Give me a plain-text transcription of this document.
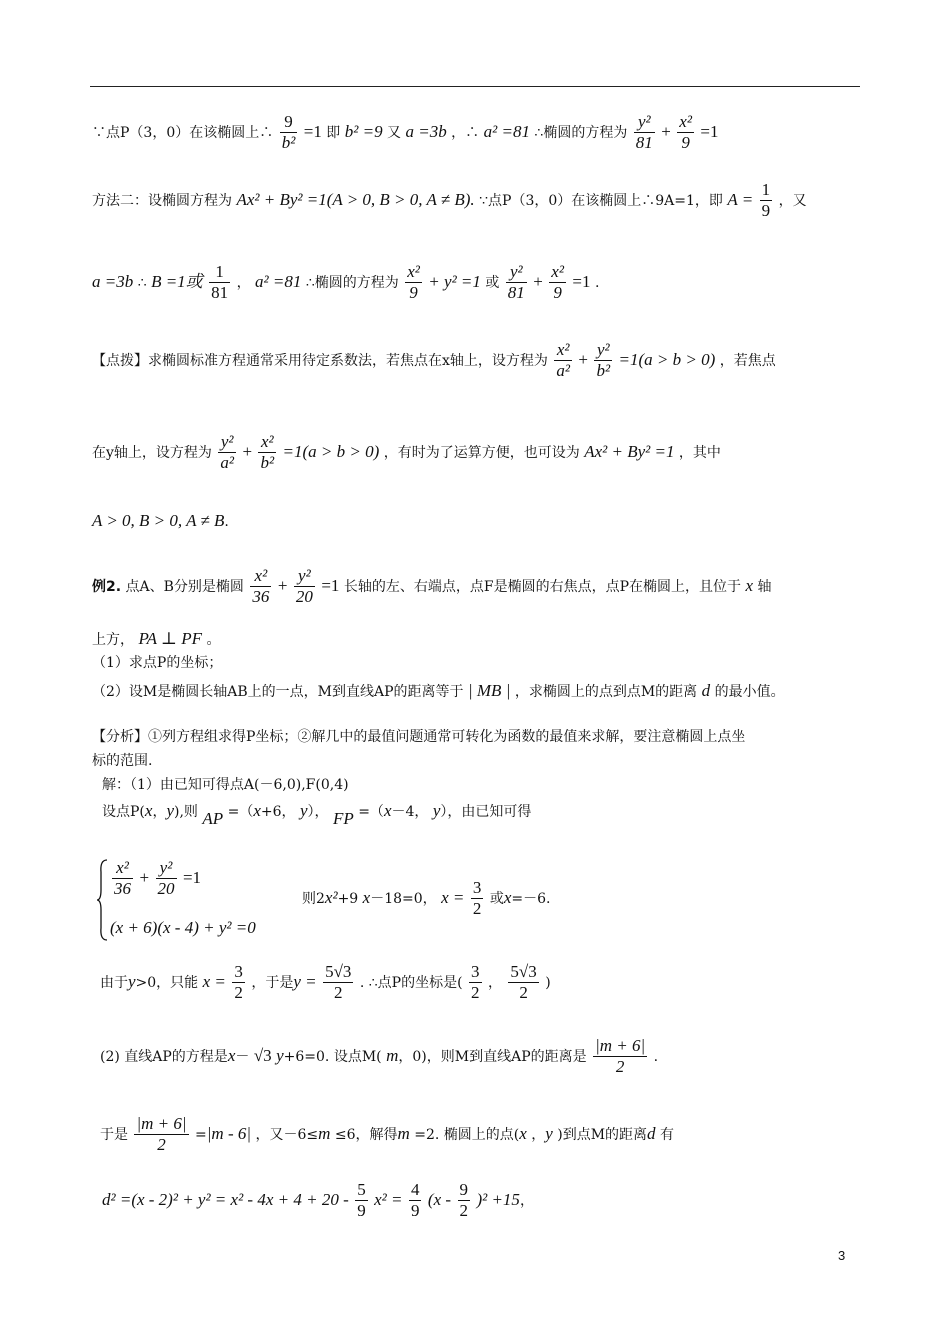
∵点P（3，0）在该椭圆上∴ $\frac{9}{\text{b²}} =1$ 即 b² =9 又 a =3b ，∴ a² =81 ∴椭圆的方程为 $\frac{\text{y²}}{81} + \frac{\text{x²}}{9} =1$
方法二：设椭圆方程为 Ax² + By² =1(A > 0, B > 0, A ≠ B). ∵点P（3，0）在该椭圆上∴9A=1，即 $A = \frac{1}{9}$ ，又
a =3b ∴ B =1或 $\frac{1}{81}$ ， a² =81 ∴椭圆的方程为 $\frac{\text{x²}}{9} + y^2 =1$ 或 $\frac{\text{y²}}{81} + \frac{\text{x²}}{9} =1$ .
【点拨】求椭圆标准方程通常采用待定系数法，若焦点在x轴上，设方程为 $\frac{\text{x²}}{\text{a²}} + \frac{\text{y²}}{\text{b²}} =1(a > b > 0)$ ，若焦点
在y轴上，设方程为 $\frac{\text{y²}}{\text{a²}} + \frac{\text{x²}}{\text{b²}} =1(a > b > 0)$ ，有时为了运算方便，也可设为 Ax² + By² =1 ，其中
A > 0, B > 0, A ≠ B.
例2. 点A、B分别是椭圆 $\frac{\text{x²}}{36} + \frac{\text{y²}}{20} =1$ 长轴的左、右端点，点F是椭圆的右焦点，点P在椭圆上，且位于 x 轴
上方， PA ⊥ PF 。
（1）求点P的坐标；
（2）设M是椭圆长轴AB上的一点，M到直线AP的距离等于 | MB | ，求椭圆上的点到点M的距离 d 的最小值。
【分析】①列方程组求得P坐标；②解几中的最值问题通常可转化为函数的最值来求解，要注意椭圆上点坐
标的范围.
解：（1）由已知可得点A(－6,0),F(0,4)
设点P(x，y),则 AP =（x+6， y）， FP =（x－4， y），由已知可得
$\frac{\text{x²}}{36} + \frac{\text{y²}}{20} =1$
(x + 6)(x - 4) + y² =0
则2x²+9 x－18=0， $x = \frac{3}{2}$ 或x=－6.
由于y>0，只能 $x = \frac{3}{2}$ ，于是$y = \frac{5√3}{2}$ . ∴点P的坐标是( $\frac{3}{2}$ ， $\frac{5√3}{2}$ )
(2) 直线AP的方程是x－ √3 y+6=0. 设点M( m，0)，则M到直线AP的距离是 $\frac{|m + 6|}{2}$ .
于是 $\frac{|m + 6|}{2} =|m - 6|$ ，又－6≤m ≤6，解得m =2. 椭圆上的点(x ，y )到点M的距离d 有
$d^2 =(x - 2)^2 + y^2 = x^2 - 4x + 4 + 20 - \frac{5}{9} x^2 = \frac{4}{9} (x - \frac{9}{2} )^2 +15$，
3
